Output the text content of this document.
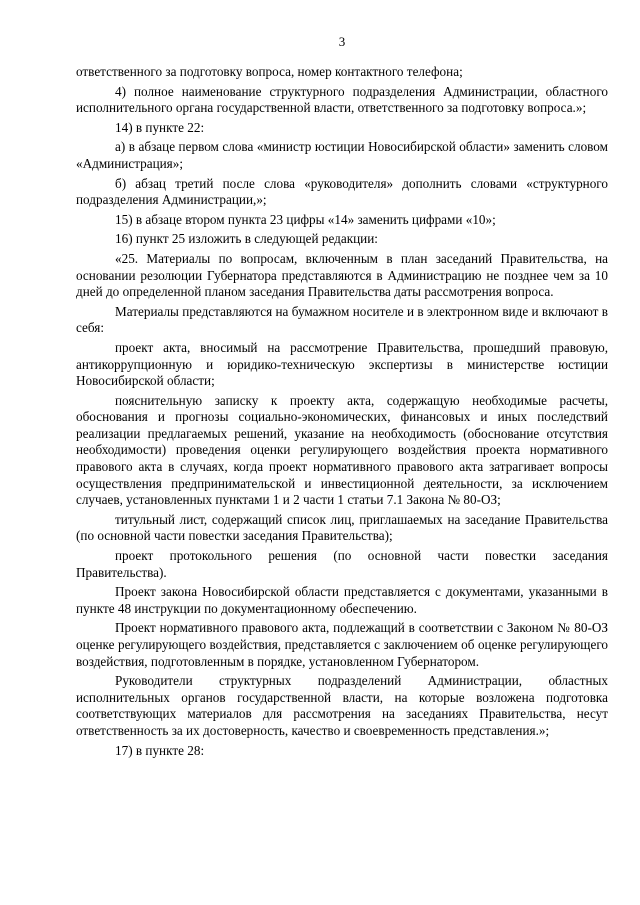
3

ответственного за подготовку вопроса, номер контактного телефона;

4) полное наименование структурного подразделения Администрации, областного исполнительного органа государственной власти, ответственного за подготовку вопроса.»;

14) в пункте 22:

а) в абзаце первом слова «министр юстиции Новосибирской области» заменить словом «Администрация»;

б) абзац третий после слова «руководителя» дополнить словами «структурного подразделения Администрации,»;

15) в абзаце втором пункта 23 цифры «14» заменить цифрами «10»;

16) пункт 25 изложить в следующей редакции:

«25. Материалы по вопросам, включенным в план заседаний Правительства, на основании резолюции Губернатора представляются в Администрацию не позднее чем за 10 дней до определенной планом заседания Правительства даты рассмотрения вопроса.

Материалы представляются на бумажном носителе и в электронном виде и включают в себя:

проект акта, вносимый на рассмотрение Правительства, прошедший правовую, антикоррупционную и юридико-техническую экспертизы в министерстве юстиции Новосибирской области;

пояснительную записку к проекту акта, содержащую необходимые расчеты, обоснования и прогнозы социально-экономических, финансовых и иных последствий реализации предлагаемых решений, указание на необходимость (обоснование отсутствия необходимости) проведения оценки регулирующего воздействия проекта нормативного правового акта в случаях, когда проект нормативного правового акта затрагивает вопросы осуществления предпринимательской и инвестиционной деятельности, за исключением случаев, установленных пунктами 1 и 2 части 1 статьи 7.1 Закона № 80-ОЗ;

титульный лист, содержащий список лиц, приглашаемых на заседание Правительства (по основной части повестки заседания Правительства);

проект протокольного решения (по основной части повестки заседания Правительства).

Проект закона Новосибирской области представляется с документами, указанными в пункте 48 инструкции по документационному обеспечению.

Проект нормативного правового акта, подлежащий в соответствии с Законом № 80-ОЗ оценке регулирующего воздействия, представляется с заключением об оценке регулирующего воздействия, подготовленным в порядке, установленном Губернатором.

Руководители структурных подразделений Администрации, областных исполнительных органов государственной власти, на которые возложена подготовка соответствующих материалов для рассмотрения на заседаниях Правительства, несут ответственность за их достоверность, качество и своевременность представления.»;

17) в пункте 28:
